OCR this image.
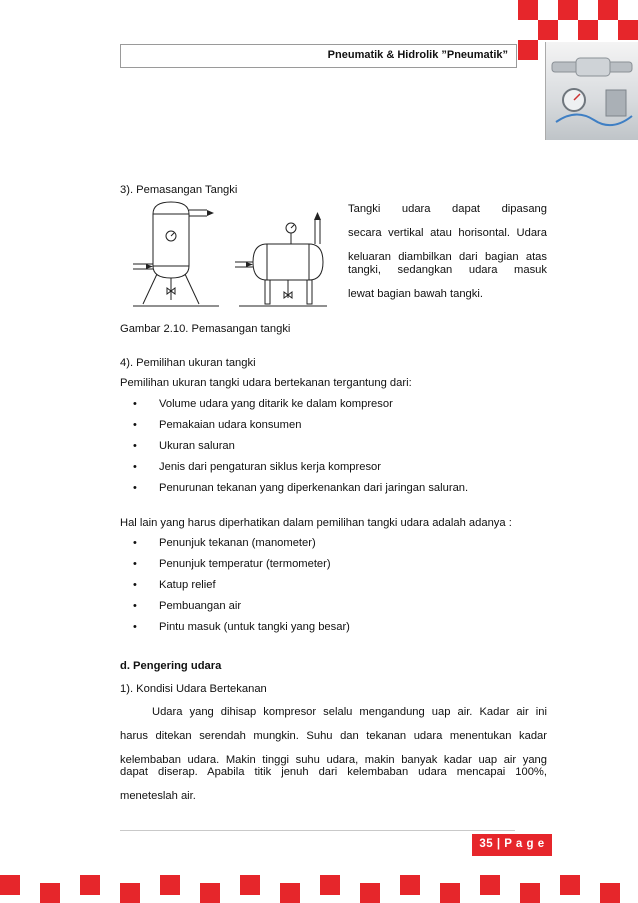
Pneumatik & Hidrolik ”Pneumatik”
3). Pemasangan Tangki
Tangki udara dapat dipasang
secara vertikal atau horisontal. Udara
keluaran diambilkan dari bagian atas
tangki, sedangkan udara masuk
lewat bagian bawah tangki.
Gambar 2.10. Pemasangan tangki
4). Pemilihan ukuran tangki
Pemilihan ukuran tangki udara bertekanan tergantung dari:
• Volume udara yang ditarik ke dalam kompresor
• Pemakaian udara konsumen
• Ukuran saluran
• Jenis dari pengaturan siklus kerja kompresor
• Penurunan tekanan yang diperkenankan dari jaringan saluran.
Hal lain yang harus diperhatikan dalam pemilihan tangki udara adalah adanya :
• Penunjuk tekanan (manometer)
• Penunjuk temperatur (termometer)
• Katup relief
• Pembuangan air
• Pintu masuk (untuk tangki yang besar)
d. Pengering udara
1). Kondisi Udara Bertekanan
Udara yang dihisap kompresor selalu mengandung uap air. Kadar air ini
harus ditekan serendah mungkin. Suhu dan tekanan udara menentukan kadar
kelembaban udara. Makin tinggi suhu udara, makin banyak kadar uap air yang
dapat diserap. Apabila titik jenuh dari kelembaban udara mencapai 100%,
meneteslah air.
35 | P a g e
